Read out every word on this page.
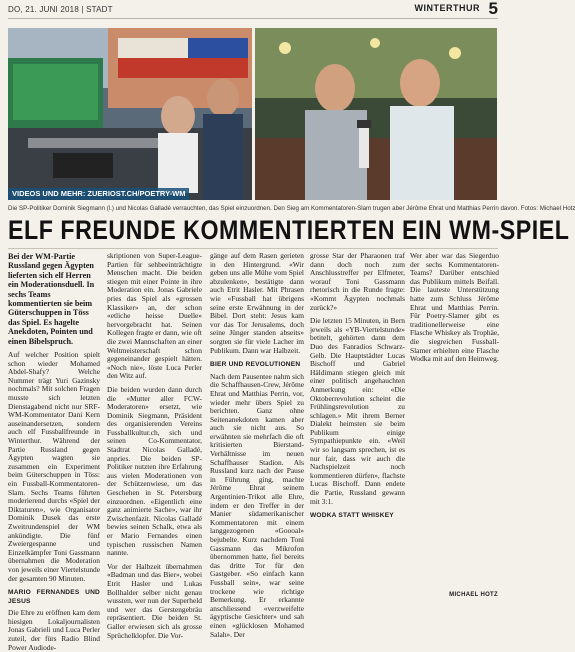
DO, 21. JUNI 2018 | STADT	WINTERTHUR 5
VIDEOS UND MEHR: ZUERIOST.CH/POETRY-WM
Die SP-Politiker Dominik Siegmann (l.) und Nicolas Galladé verrauchten, das Spiel einzuordnen. Den Sieg am Kommentatoren-Slam trugen aber Jérôme Ehrat und Matthias Perrin davon. Fotos: Michael Hotz
ELF FREUNDE KOMMENTIERTEN EIN WM-SPIEL

Bei der WM-Partie Russland gegen Ägypten lieferten sich elf Herren ein Moderationsduell. In sechs Teams kommentierten sie beim Güterschuppen in Töss das Spiel. Es hagelte Anekdoten, Pointen und einen Bibelspruch.

Auf welcher Position spielt schon wieder Mohamed Abdel-Shafy? Welche Nummer trägt Yuri Gazinsky nochmals? Mit solchen Fragen musste sich letzten Dienstagabend nicht nur SRF-WM-Kommentator Dani Kern auseinandersetzen, sondern auch elf Fussballfreunde in Winterthur. Während der Partie Russland gegen Ägypten wagten sie zusammen ein Experiment beim Güterschuppen in Töss: ein Fussball-Kommentatoren-Slam. Sechs Teams führten moderierend durchs «Spiel der Diktaturen», wie Organisator Dominik Dusek das erste Zweitrundenspiel der WM ankündigte. Die fünf Zweiergespanne und Einzelkämpfer Toni Gassmann übernahmen die Moderation von jeweils einer Viertelstunde der gesamten 90 Minuten.

MARIO FERNANDES UND JESUS

Die Ehre zu eröffnen kam dem hiesigen Lokaljournalisten Jonas Gabrieli und Luca Perler zuteil, der fürs Radio Blind Power Audiode-

skriptionen von Super-League-Partien für sehbeeinträchtigte Menschen macht. Die beiden stiegen mit einer Pointe in ihre Moderation ein. Jonas Gabriele pries das Spiel als «grossen Klassiker» an, der schon «etliche heisse Duelle» hervorgebracht hat. Seinen Kollegen fragte er dann, wie oft die zwei Mannschaften an einer Weltmeisterschaft schon gegeneinander gespielt hätten. «Noch nie», löste Luca Perler den Witz auf.

Die beiden wurden dann durch die «Mutter aller FCW-Moderatoren» ersetzt, wie Dominik Siegmann, Präsident des organisierenden Vereins Fussballkultur.ch, sich und seinen Co-Kommentator, Stadtrat Nicolas Galladé, anpries. Die beiden SP-Politiker nutzten ihre Erfahrung aus vielen Moderationen von der Schützenwiese, um das Geschehen in St. Petersburg einzuordnen. «Eigentlich eine ganz animierte Sache», war ihr Zwischenfazit. Nicolas Galladé bewies seinen Schalk, etwa als er Mario Fernandes einen typischen russischen Namen nannte.

Vor der Halbzeit übernahmen «Badman und das Bier», wobei Etrit Hasler und Lukas Bollhalder selber nicht genau wussten, wer nun der Superheld und wer das Gerstengebräu repräsentiert. Die beiden St. Galler erwiesen sich als grosse Sprüchelklopfer. Die Vor-

gänge auf dem Rasen gerieten in den Hintergrund. «Wir geben uns alle Mühe vom Spiel abzulenken», bestätigte dann auch Etrit Hasler. Mit Phrasen wie «Fussball hat übrigens seine erste Erwähnung in der Bibel. Dort steht: Jesus kam vor das Tor Jerusalems, doch seine Jünger standen abseits» sorgten sie für viele Lacher im Publikum. Dann war Halbzeit.

BIER UND REVOLUTIONEN

Nach dem Pausentee nahm sich die Schaffhausen-Crew, Jérôme Ehrat und Matthias Perrin, vor, wieder mehr übers Spiel zu berichten. Ganz ohne Seitenanekdoten kamen aber auch sie nicht aus. So erwähnten sie mehrfach die oft kritisierten Bierstand-Verhältnisse im neuen Schaffhauser Stadion. Als Russland kurz nach der Pause in Führung ging, machte Jérôme Ehrat seinem Argentinien-Trikot alle Ehre, indem er den Treffer in der Manier südamerikanischer Kommentatoren mit einem langgezogenen «Goooal» bejubelte. Kurz nachdem Toni Gassmann das Mikrofon übernommen hatte, fiel bereits das dritte Tor für den Gastgeber. «So einfach kann Fussball sein», war seine trockene wie richtige Bemerkung. Er erkannte anschliessend «verzweifelte ägyptische Gesichter» und sah einen «glücklosen Mohamed Salah». Der

grosse Star der Pharaonen traf dann doch noch zum Anschlusstreffer per Elfmeter, worauf Toni Gassmann rhetorisch in die Runde fragte: «Kommt Ägypten nochmals zurück?»

Die letzten 15 Minuten, in Bern jeweils als «YB-Viertelstunde» betitelt, gehörten dann dem Duo des Fanradios Schwarz-Gelb. Die Hauptstädter Lucas Bischoff und Gabriel Häldimann stiegen gleich mit einer politisch angehauchten Anmerkung ein: «Die Oktoberrevolution scheint die Frühlingsrevolution zu schlagen.» Mit ihrem Berner Dialekt heimsten sie beim Publikum einige Sympathiepunkte ein. «Weil wir so langsam sprechen, ist es nur fair, dass wir auch die Nachspielzeit noch kommentieren dürfen», flachste Lucas Bischoff. Dann endete die Partie, Russland gewann mit 3:1.

WODKA STATT WHISKEY

Wer aber war das Siegerduo der sechs Kommentatoren-Teams? Darüber entschied das Publikum mittels Beifall. Die lauteste Unterstützung hatte zum Schluss Jérôme Ehrat und Matthias Perrin. Für Poetry-Slamer gibt es traditionellerweise eine Flasche Whiskey als Trophäe, die siegreichen Fussball-Slamer erhielten eine Flasche Wodka mit auf den Heimweg.

MICHAEL HOTZ
